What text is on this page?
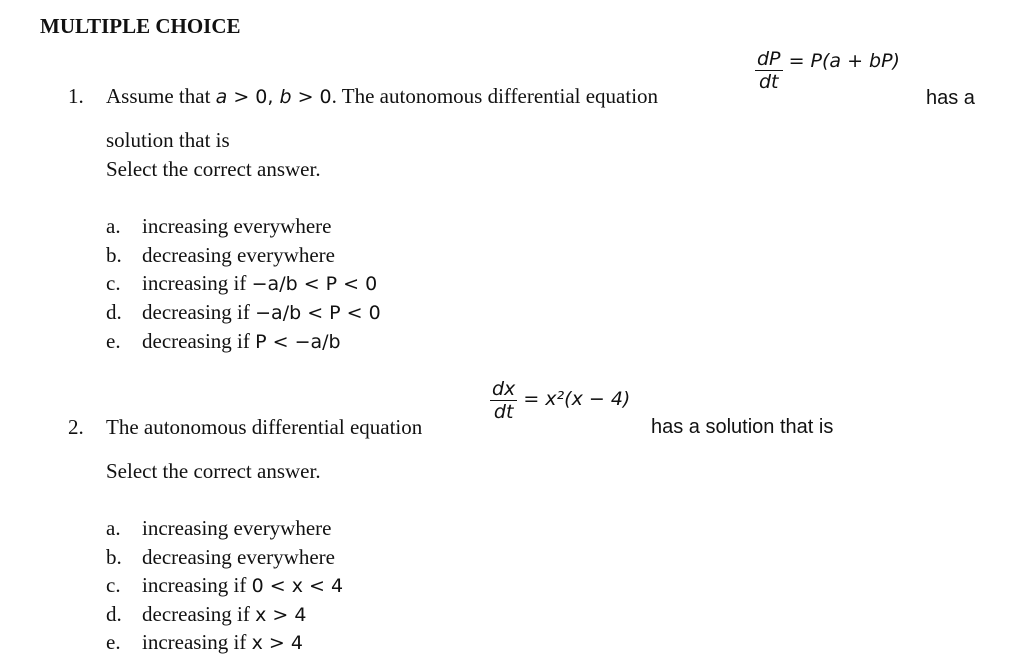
MULTIPLE CHOICE
1. Assume that a > 0, b > 0. The autonomous differential equation
$\frac{dP}{dt} = P(a + bP)$
has a
solution that is
Select the correct answer.
a. increasing everywhere
b. decreasing everywhere
c. increasing if −a/b < P < 0
d. decreasing if −a/b < P < 0
e. decreasing if P < −a/b
2. The autonomous differential equation
$\frac{dx}{dt} = x^2(x - 4)$
has a solution that is
Select the correct answer.
a. increasing everywhere
b. decreasing everywhere
c. increasing if 0 < x < 4
d. decreasing if x > 4
e. increasing if x > 4
